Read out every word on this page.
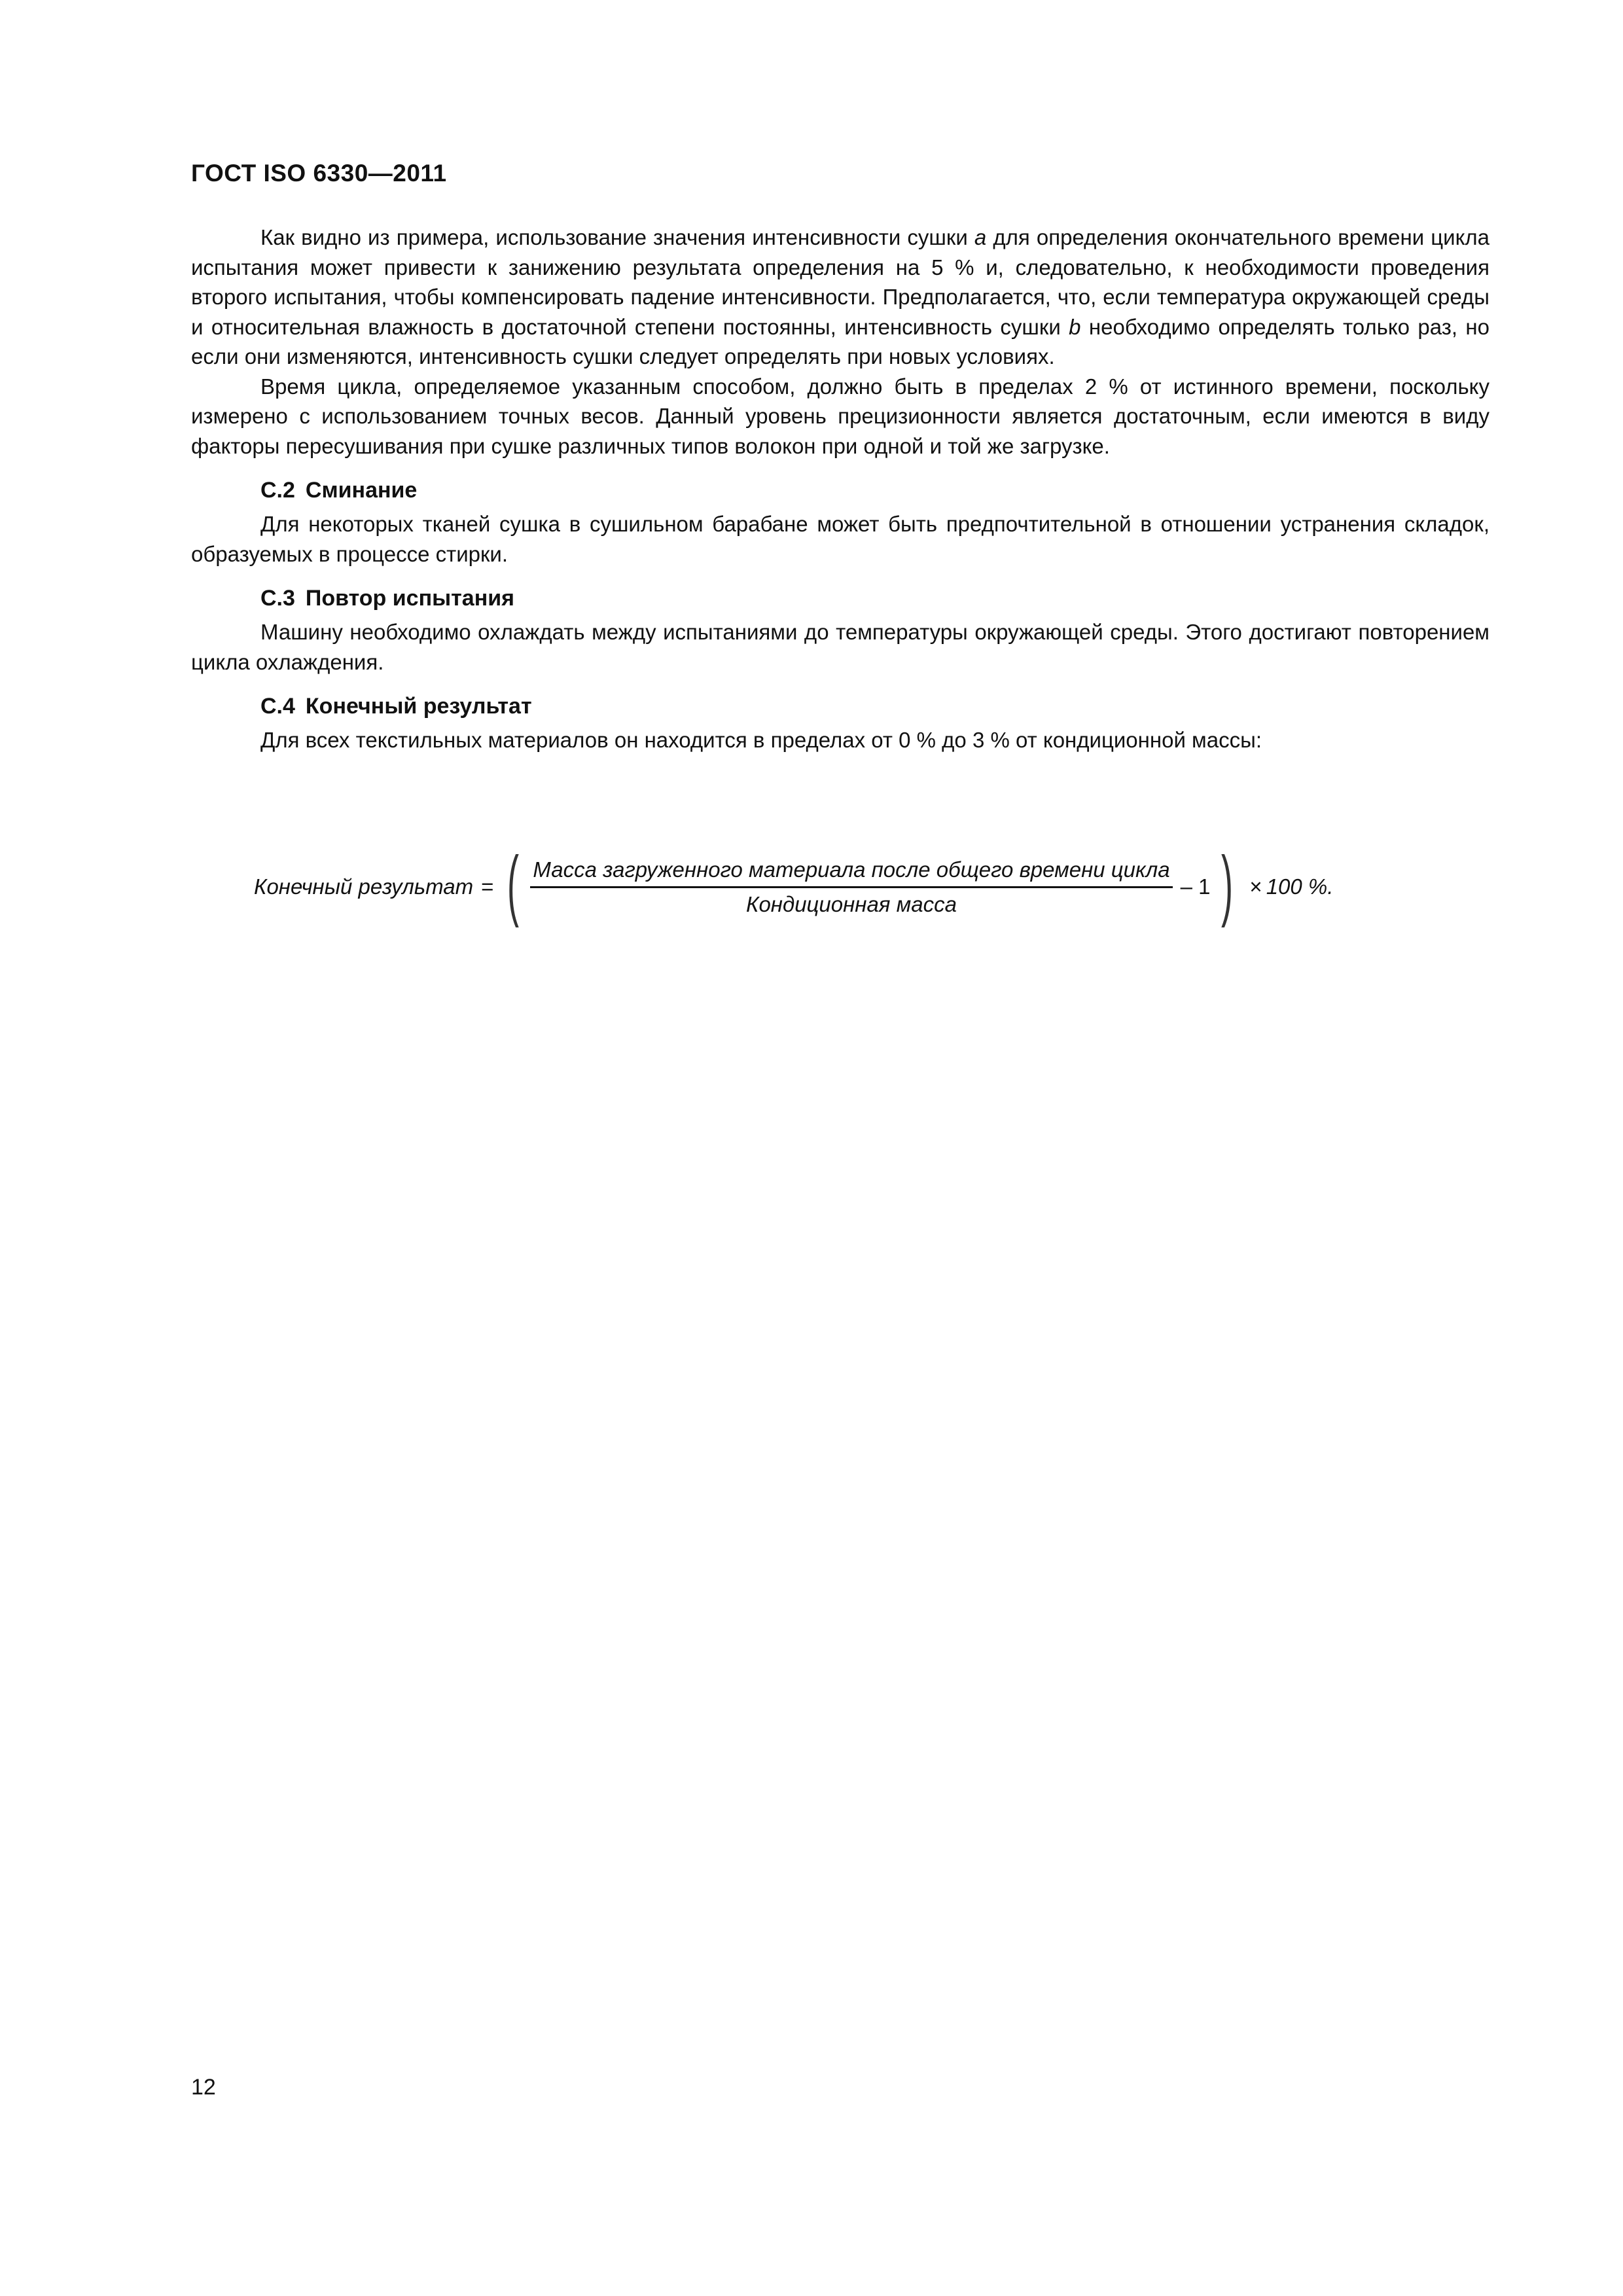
ГОСТ ISO 6330—2011

Как видно из примера, использование значения интенсивности сушки a для определения окончательного времени цикла испытания может привести к занижению результата определения на 5 % и, следовательно, к необходимости проведения второго испытания, чтобы компенсировать падение интенсивности. Предполагается, что, если температура окружающей среды и относительная влажность в достаточной степени постоянны, интенсивность сушки b необходимо определять только раз, но если они изменяются, интенсивность сушки следует определять при новых условиях.

Время цикла, определяемое указанным способом, должно быть в пределах 2 % от истинного времени, поскольку измерено с использованием точных весов. Данный уровень прецизионности является достаточным, если имеются в виду факторы пересушивания при сушке различных типов волокон при одной и той же загрузке.

C.2 Сминание

Для некоторых тканей сушка в сушильном барабане может быть предпочтительной в отношении устранения складок, образуемых в процессе стирки.

C.3 Повтор испытания

Машину необходимо охлаждать между испытаниями до температуры окружающей среды. Этого достигают повторением цикла охлаждения.

C.4 Конечный результат

Для всех текстильных материалов он находится в пределах от 0 % до 3 % от кондиционной массы:

Конечный результат = ( $\frac{\text{Масса загруженного материала после общего времени цикла}}{\text{Кондиционная масса}} - 1$ ) × 100 %.
12
